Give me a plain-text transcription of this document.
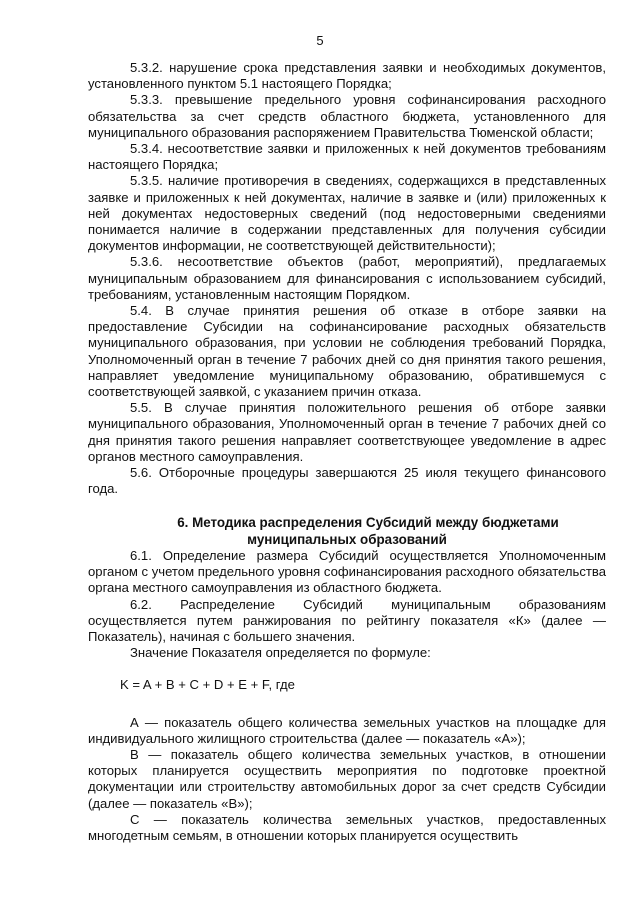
5

5.3.2. нарушение срока представления заявки и необходимых документов, установленного пунктом 5.1 настоящего Порядка;

5.3.3. превышение предельного уровня софинансирования расходного обязательства за счет средств областного бюджета, установленного для муниципального образования распоряжением Правительства Тюменской области;

5.3.4. несоответствие заявки и приложенных к ней документов требованиям настоящего Порядка;

5.3.5. наличие противоречия в сведениях, содержащихся в представленных заявке и приложенных к ней документах, наличие в заявке и (или) приложенных к ней документах недостоверных сведений (под недостоверными сведениями понимается наличие в содержании представленных для получения субсидии документов информации, не соответствующей действительности);

5.3.6. несоответствие объектов (работ, мероприятий), предлагаемых муниципальным образованием для финансирования с использованием субсидий, требованиям, установленным настоящим Порядком.

5.4. В случае принятия решения об отказе в отборе заявки на предоставление Субсидии на софинансирование расходных обязательств муниципального образования, при условии не соблюдения требований Порядка, Уполномоченный орган в течение 7 рабочих дней со дня принятия такого решения, направляет уведомление муниципальному образованию, обратившемуся с соответствующей заявкой, с указанием причин отказа.

5.5. В случае принятия положительного решения об отборе заявки муниципального образования, Уполномоченный орган в течение 7 рабочих дней со дня принятия такого решения направляет соответствующее уведомление в адрес органов местного самоуправления.

5.6. Отборочные процедуры завершаются 25 июля текущего финансового года.

6. Методика распределения Субсидий между бюджетами муниципальных образований

6.1. Определение размера Субсидий осуществляется Уполномоченным органом с учетом предельного уровня софинансирования расходного обязательства органа местного самоуправления из областного бюджета.

6.2. Распределение Субсидий муниципальным образованиям осуществляется путем ранжирования по рейтингу показателя «К» (далее — Показатель), начиная с большего значения.

Значение Показателя определяется по формуле:

K = A + B + C + D + E + F, где

А — показатель общего количества земельных участков на площадке для индивидуального жилищного строительства (далее — показатель «А»);

В — показатель общего количества земельных участков, в отношении которых планируется осуществить мероприятия по подготовке проектной документации или строительству автомобильных дорог за счет средств Субсидии (далее — показатель «В»);

С — показатель количества земельных участков, предоставленных многодетным семьям, в отношении которых планируется осуществить
